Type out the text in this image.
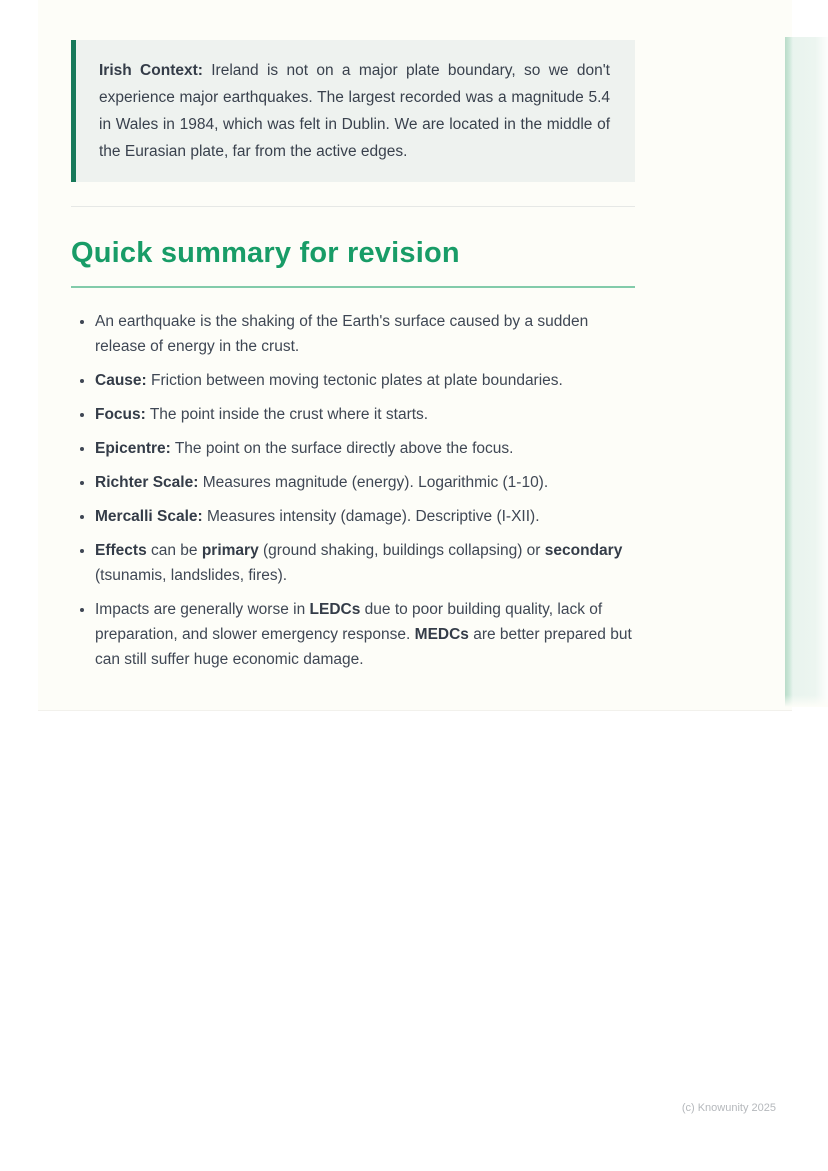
Irish Context: Ireland is not on a major plate boundary, so we don't experience major earthquakes. The largest recorded was a magnitude 5.4 in Wales in 1984, which was felt in Dublin. We are located in the middle of the Eurasian plate, far from the active edges.

Quick summary for revision
• An earthquake is the shaking of the Earth's surface caused by a sudden release of energy in the crust.
• Cause: Friction between moving tectonic plates at plate boundaries.
• Focus: The point inside the crust where it starts.
• Epicentre: The point on the surface directly above the focus.
• Richter Scale: Measures magnitude (energy). Logarithmic (1-10).
• Mercalli Scale: Measures intensity (damage). Descriptive (I-XII).
• Effects can be primary (ground shaking, buildings collapsing) or secondary (tsunamis, landslides, fires).
• Impacts are generally worse in LEDCs due to poor building quality, lack of preparation, and slower emergency response. MEDCs are better prepared but can still suffer huge economic damage.
(c) Knowunity 2025
